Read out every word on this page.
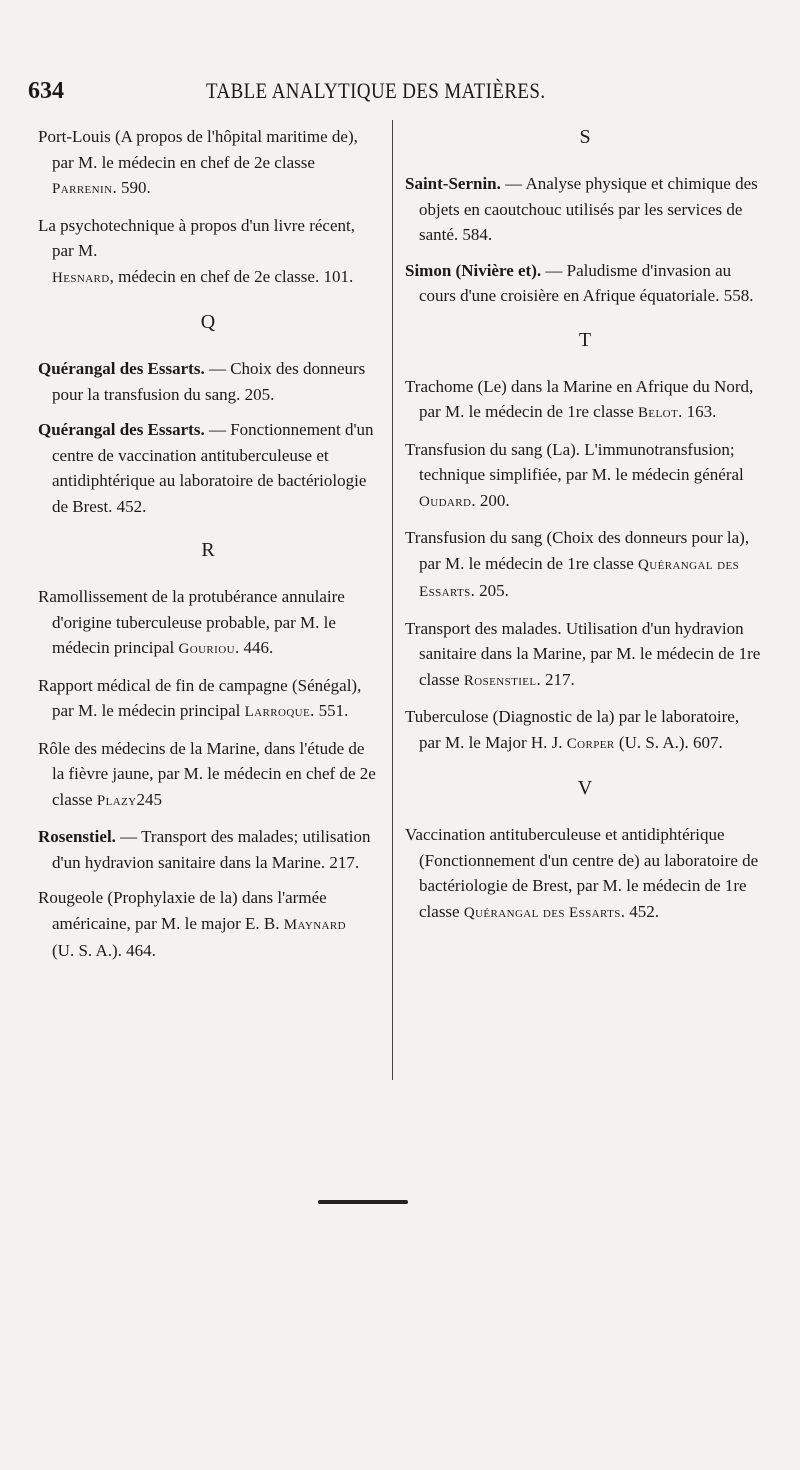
634	TABLE ANALYTIQUE DES MATIÈRES.
Port-Louis (A propos de l'hôpital maritime de), par M. le médecin en chef de 2e classe Parrenin. 590.
La psychotechnique à propos d'un livre récent, par M. Hesnard, médecin en chef de 2e classe. 101.
Q
Quérangal des Essarts. — Choix des donneurs pour la transfusion du sang. 205.
Quérangal des Essarts. — Fonctionnement d'un centre de vaccination antituberculeuse et antidiphtérique au laboratoire de bactériologie de Brest. 452.
R
Ramollissement de la protubérance annulaire d'origine tuberculeuse probable, par M. le médecin principal Gouriou. 446.
Rapport médical de fin de campagne (Sénégal), par M. le médecin principal Larroque. 551.
Rôle des médecins de la Marine, dans l'étude de la fièvre jaune, par M. le médecin en chef de 2e classe Plazy245
Rosenstiel. — Transport des malades; utilisation d'un hydravion sanitaire dans la Marine. 217.
Rougeole (Prophylaxie de la) dans l'armée américaine, par M. le major E. B. Maynard (U. S. A.). 464.
S
Saint-Sernin. — Analyse physique et chimique des objets en caoutchouc utilisés par les services de santé. 584.
Simon (Nivière et). — Paludisme d'invasion au cours d'une croisière en Afrique équatoriale. 558.
T
Trachome (Le) dans la Marine en Afrique du Nord, par M. le médecin de 1re classe Belot. 163.
Transfusion du sang (La). L'immunotransfusion; technique simplifiée, par M. le médecin général Oudard. 200.
Transfusion du sang (Choix des donneurs pour la), par M. le médecin de 1re classe Quérangal des Essarts. 205.
Transport des malades. Utilisation d'un hydravion sanitaire dans la Marine, par M. le médecin de 1re classe Rosenstiel. 217.
Tuberculose (Diagnostic de la) par le laboratoire, par M. le Major H. J. Corper (U. S. A.). 607.
V
Vaccination antituberculeuse et antidiphtérique (Fonctionnement d'un centre de) au laboratoire de bactériologie de Brest, par M. le médecin de 1re classe Quérangal des Essarts. 452.
